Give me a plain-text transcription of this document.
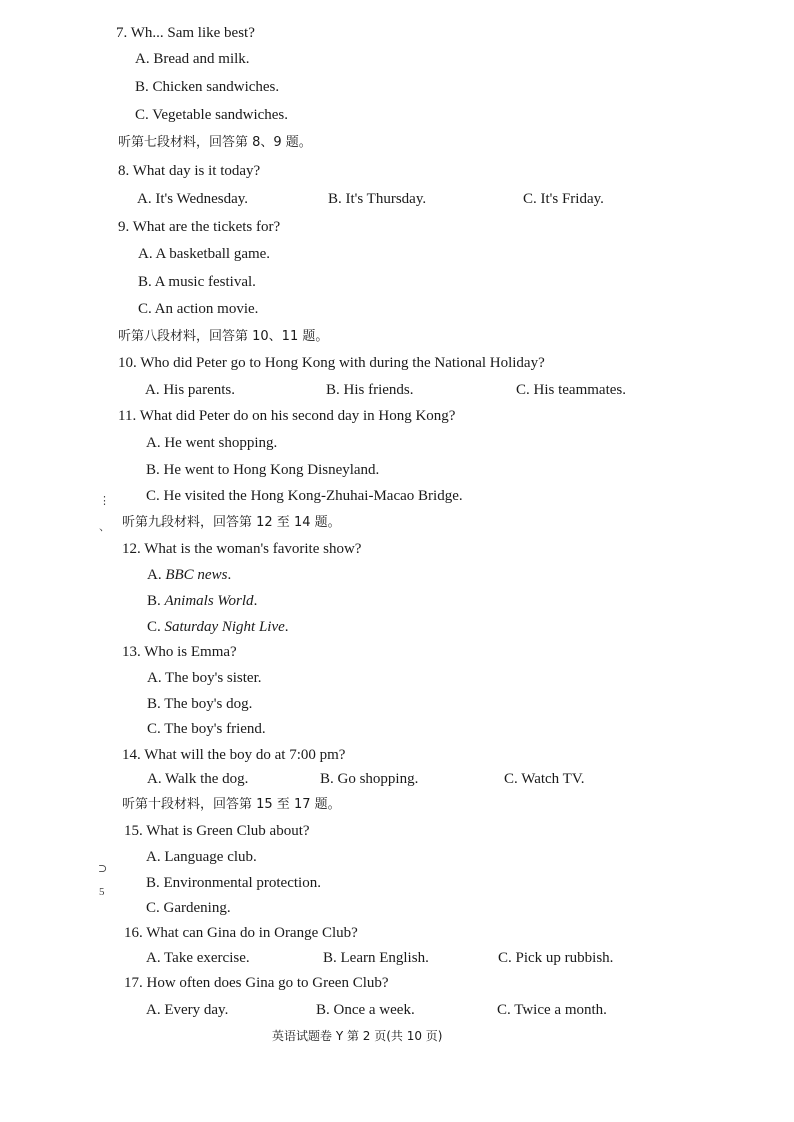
7. Wh... Sam like best?
A. Bread and milk.
B. Chicken sandwiches.
C. Vegetable sandwiches.
听第七段材料，回答第 8、9 题。
8. What day is it today?
A. It's Wednesday.	B. It's Thursday.	C. It's Friday.
9. What are the tickets for?
A. A basketball game.
B. A music festival.
C. An action movie.
听第八段材料，回答第 10、11 题。
10. Who did Peter go to Hong Kong with during the National Holiday?
A. His parents.	B. His friends.	C. His teammates.
11. What did Peter do on his second day in Hong Kong?
A. He went shopping.
B. He went to Hong Kong Disneyland.
C. He visited the Hong Kong-Zhuhai-Macao Bridge.
听第九段材料，回答第 12 至 14 题。
12. What is the woman's favorite show?
A. BBC news.
B. Animals World.
C. Saturday Night Live.
13. Who is Emma?
A. The boy's sister.
B. The boy's dog.
C. The boy's friend.
14. What will the boy do at 7:00 pm?
A. Walk the dog.	B. Go shopping.	C. Watch TV.
听第十段材料，回答第 15 至 17 题。
15. What is Green Club about?
A. Language club.
B. Environmental protection.
C. Gardening.
16. What can Gina do in Orange Club?
A. Take exercise.	B. Learn English.	C. Pick up rubbish.
17. How often does Gina go to Green Club?
A. Every day.	B. Once a week.	C. Twice a month.
英语试题卷 Y 第 2 页(共 10 页)
⋮
、
⊃
5
